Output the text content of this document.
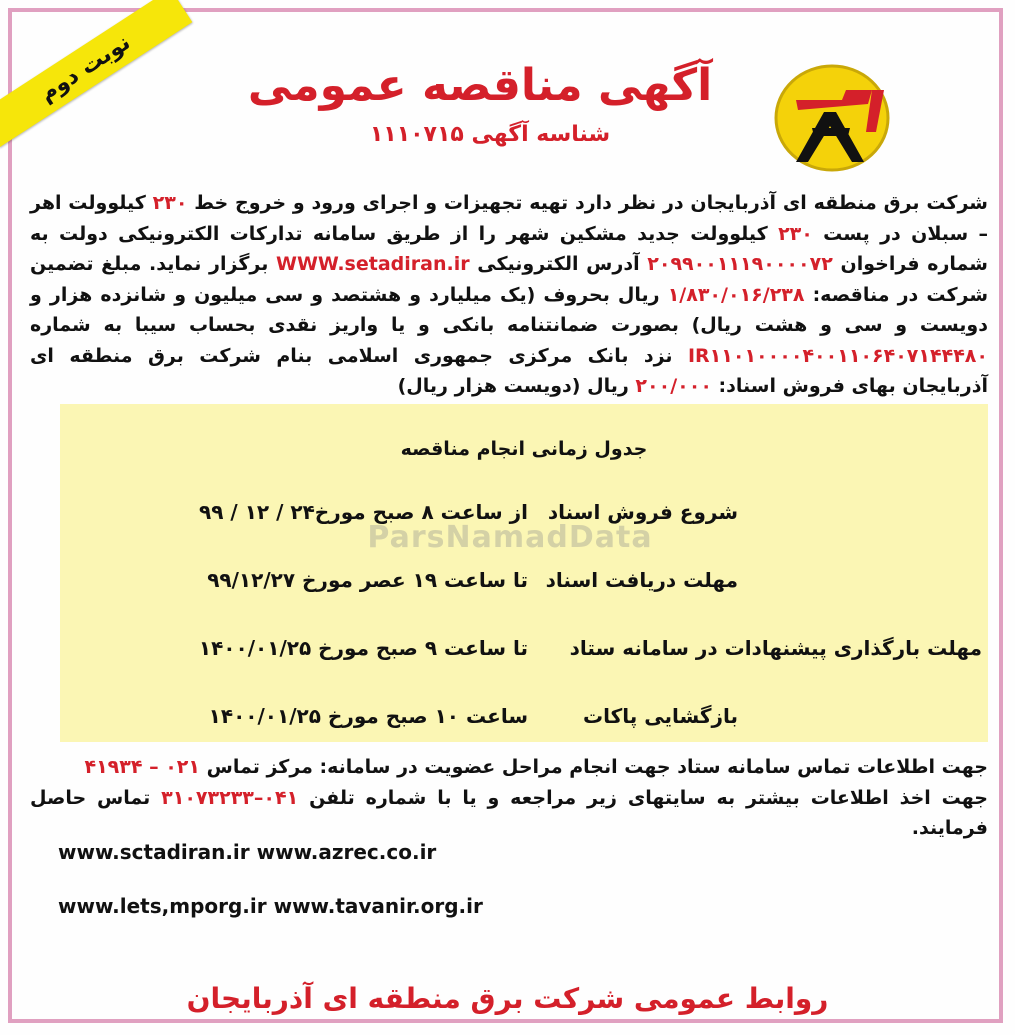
نوبت دوم	آگهی مناقصه عمومی
شناسه آگهی ۱۱۱۰۷۱۵
شرکت برق منطقه ای آذربایجان در نظر دارد تهیه تجهیزات و اجرای ورود و خروج خط ۲۳۰ کیلوولت اهر – سبلان در پست ۲۳۰ کیلوولت جدید مشکین شهر را از طریق سامانه تدارکات الکترونیکی دولت به شماره فراخوان ۲۰۹۹۰۰۱۱۱۹۰۰۰۰۷۲ آدرس الکترونیکی WWW.setadiran.ir برگزار نماید. مبلغ تضمین شرکت در مناقصه: ۱/۸۳۰/۰۱۶/۲۳۸ ریال بحروف (یک میلیارد و هشتصد و سی میلیون و شانزده هزار و دویست و سی و هشت ریال) بصورت ضمانتنامه بانکی و یا واریز نقدی بحساب سیبا به شماره IR۱۱۰۱۰۰۰۰۴۰۰۱۱۰۶۴۰۷۱۴۴۴۸۰ نزد بانک مرکزی جمهوری اسلامی بنام شرکت برق منطقه ای آذربایجان بهای فروش اسناد: ۲۰۰/۰۰۰ ریال (دویست هزار ریال)
جدول زمانی انجام مناقصه
شروع فروش اسناد
از ساعت ۸ صبح مورخ۲۴ / ۱۲ / ۹۹
مهلت دریافت اسناد
تا ساعت ۱۹ عصر مورخ ۹۹/۱۲/۲۷
مهلت بارگذاری پیشنهادات در سامانه ستاد
تا ساعت ۹ صبح مورخ ۱۴۰۰/۰۱/۲۵
بازگشایی پاکات
ساعت ۱۰ صبح مورخ ۱۴۰۰/۰۱/۲۵
ParsNamadData
جهت اطلاعات تماس سامانه ستاد جهت انجام مراحل عضویت در سامانه: مرکز تماس ۰۲۱ – ۴۱۹۳۴
جهت اخذ اطلاعات بیشتر به سایتهای زیر مراجعه و یا با شماره تلفن ۰۴۱–۳۱۰۷۳۲۳۳ تماس حاصل فرمایند.
www.sctadiran.ir www.azrec.co.ir
www.lets,mporg.ir www.tavanir.org.ir
روابط عمومی شرکت برق منطقه ای آذربایجان
